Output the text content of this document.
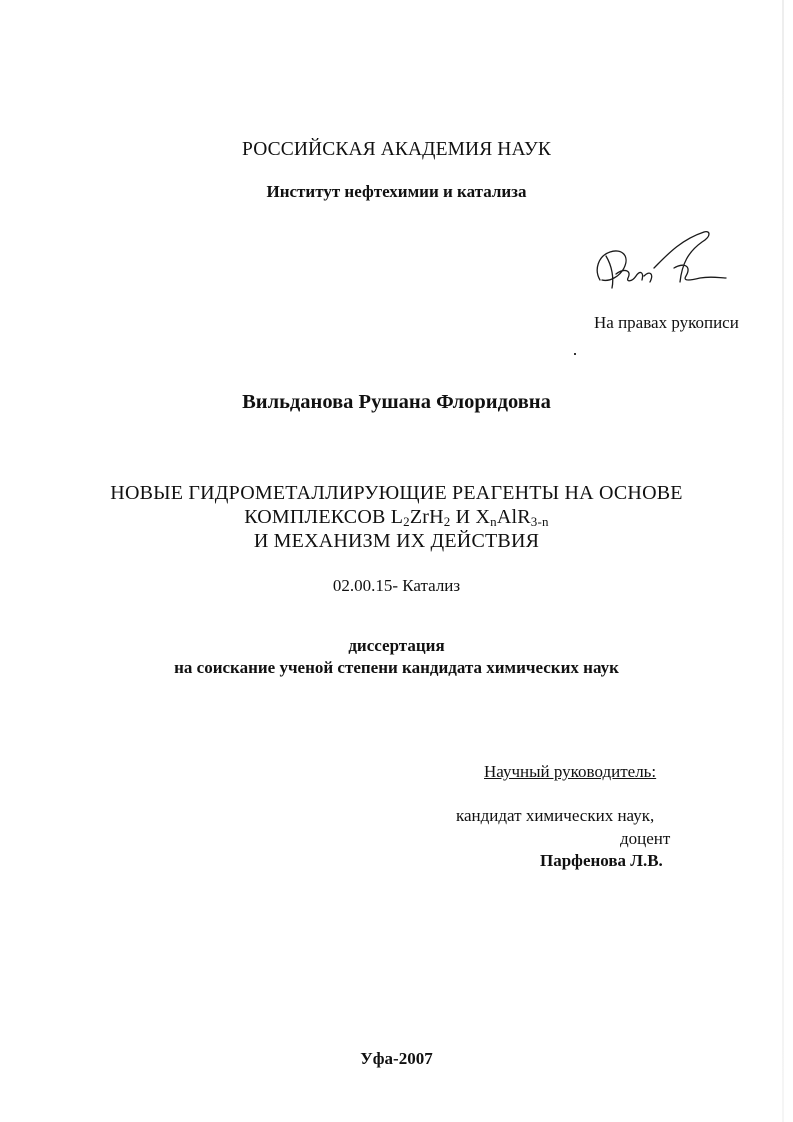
РОССИЙСКАЯ АКАДЕМИЯ НАУК
Институт нефтехимии и катализа
На правах рукописи
Вильданова Рушана Флоридовна
НОВЫЕ ГИДРОМЕТАЛЛИРУЮЩИЕ РЕАГЕНТЫ НА ОСНОВЕ
КОМПЛЕКСОВ $L_2ZrH_2$ И $X_nAlR_{3-n}$
И МЕХАНИЗМ ИХ ДЕЙСТВИЯ
02.00.15- Катализ
диссертация
на соискание ученой степени кандидата химических наук
Научный руководитель:
кандидат химических наук,
доцент
Парфенова Л.В.
Уфа-2007
